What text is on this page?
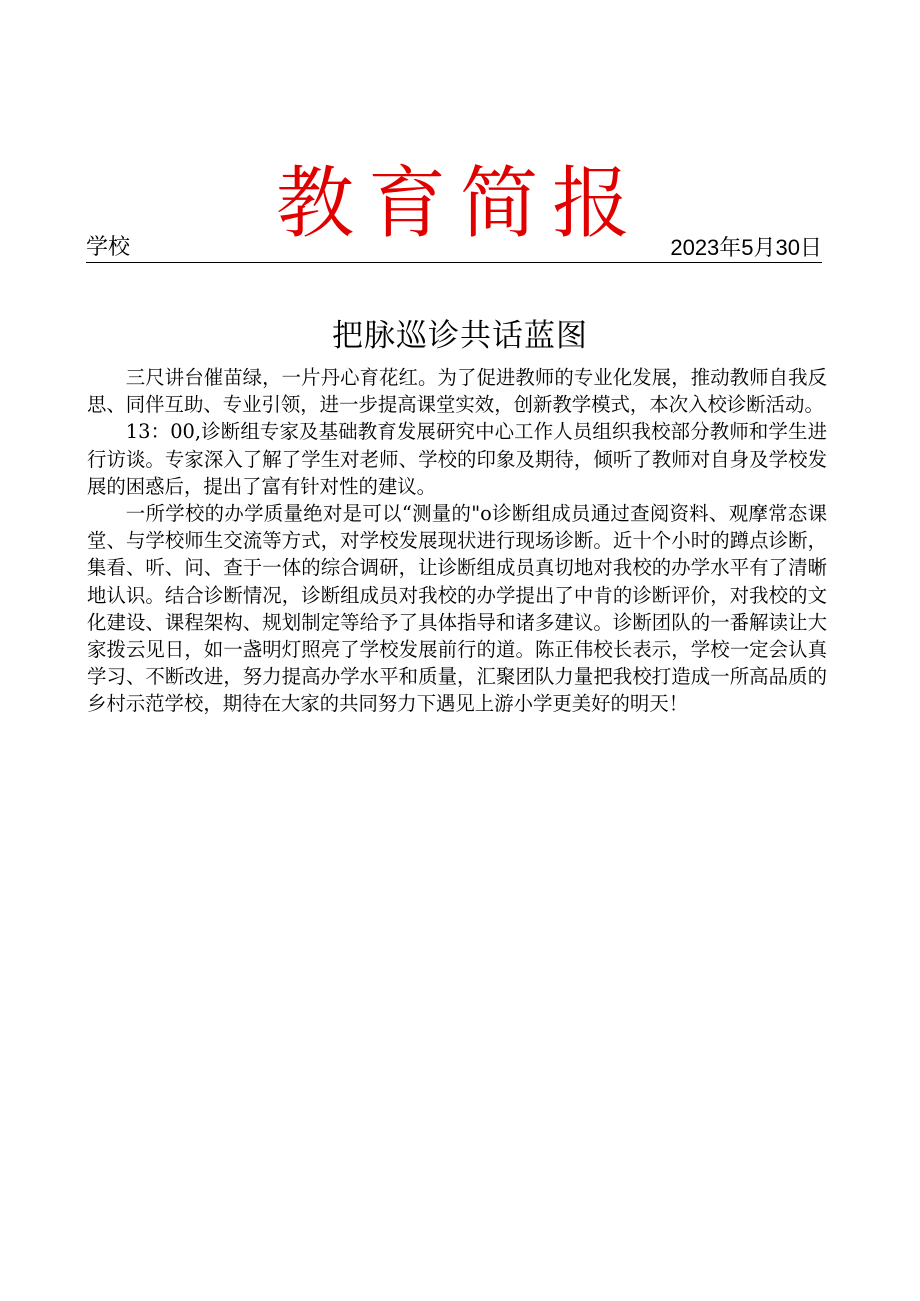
教育简报
学校	2023年5月30日
把脉巡诊共话蓝图

三尺讲台催苗绿，一片丹心育花红。为了促进教师的专业化发展，推动教师自我反思、同伴互助、专业引领，进一步提高课堂实效，创新教学模式，本次入校诊断活动。

13：00,诊断组专家及基础教育发展研究中心工作人员组织我校部分教师和学生进行访谈。专家深入了解了学生对老师、学校的印象及期待，倾听了教师对自身及学校发展的困惑后，提出了富有针对性的建议。

一所学校的办学质量绝对是可以“测量的"o诊断组成员通过查阅资料、观摩常态课堂、与学校师生交流等方式，对学校发展现状进行现场诊断。近十个小时的蹲点诊断，集看、听、问、查于一体的综合调研，让诊断组成员真切地对我校的办学水平有了清晰地认识。结合诊断情况，诊断组成员对我校的办学提出了中肯的诊断评价，对我校的文化建设、课程架构、规划制定等给予了具体指导和诸多建议。诊断团队的一番解读让大家拨云见日，如一盏明灯照亮了学校发展前行的道。陈正伟校长表示，学校一定会认真学习、不断改进，努力提高办学水平和质量，汇聚团队力量把我校打造成一所高品质的乡村示范学校，期待在大家的共同努力下遇见上游小学更美好的明天！
